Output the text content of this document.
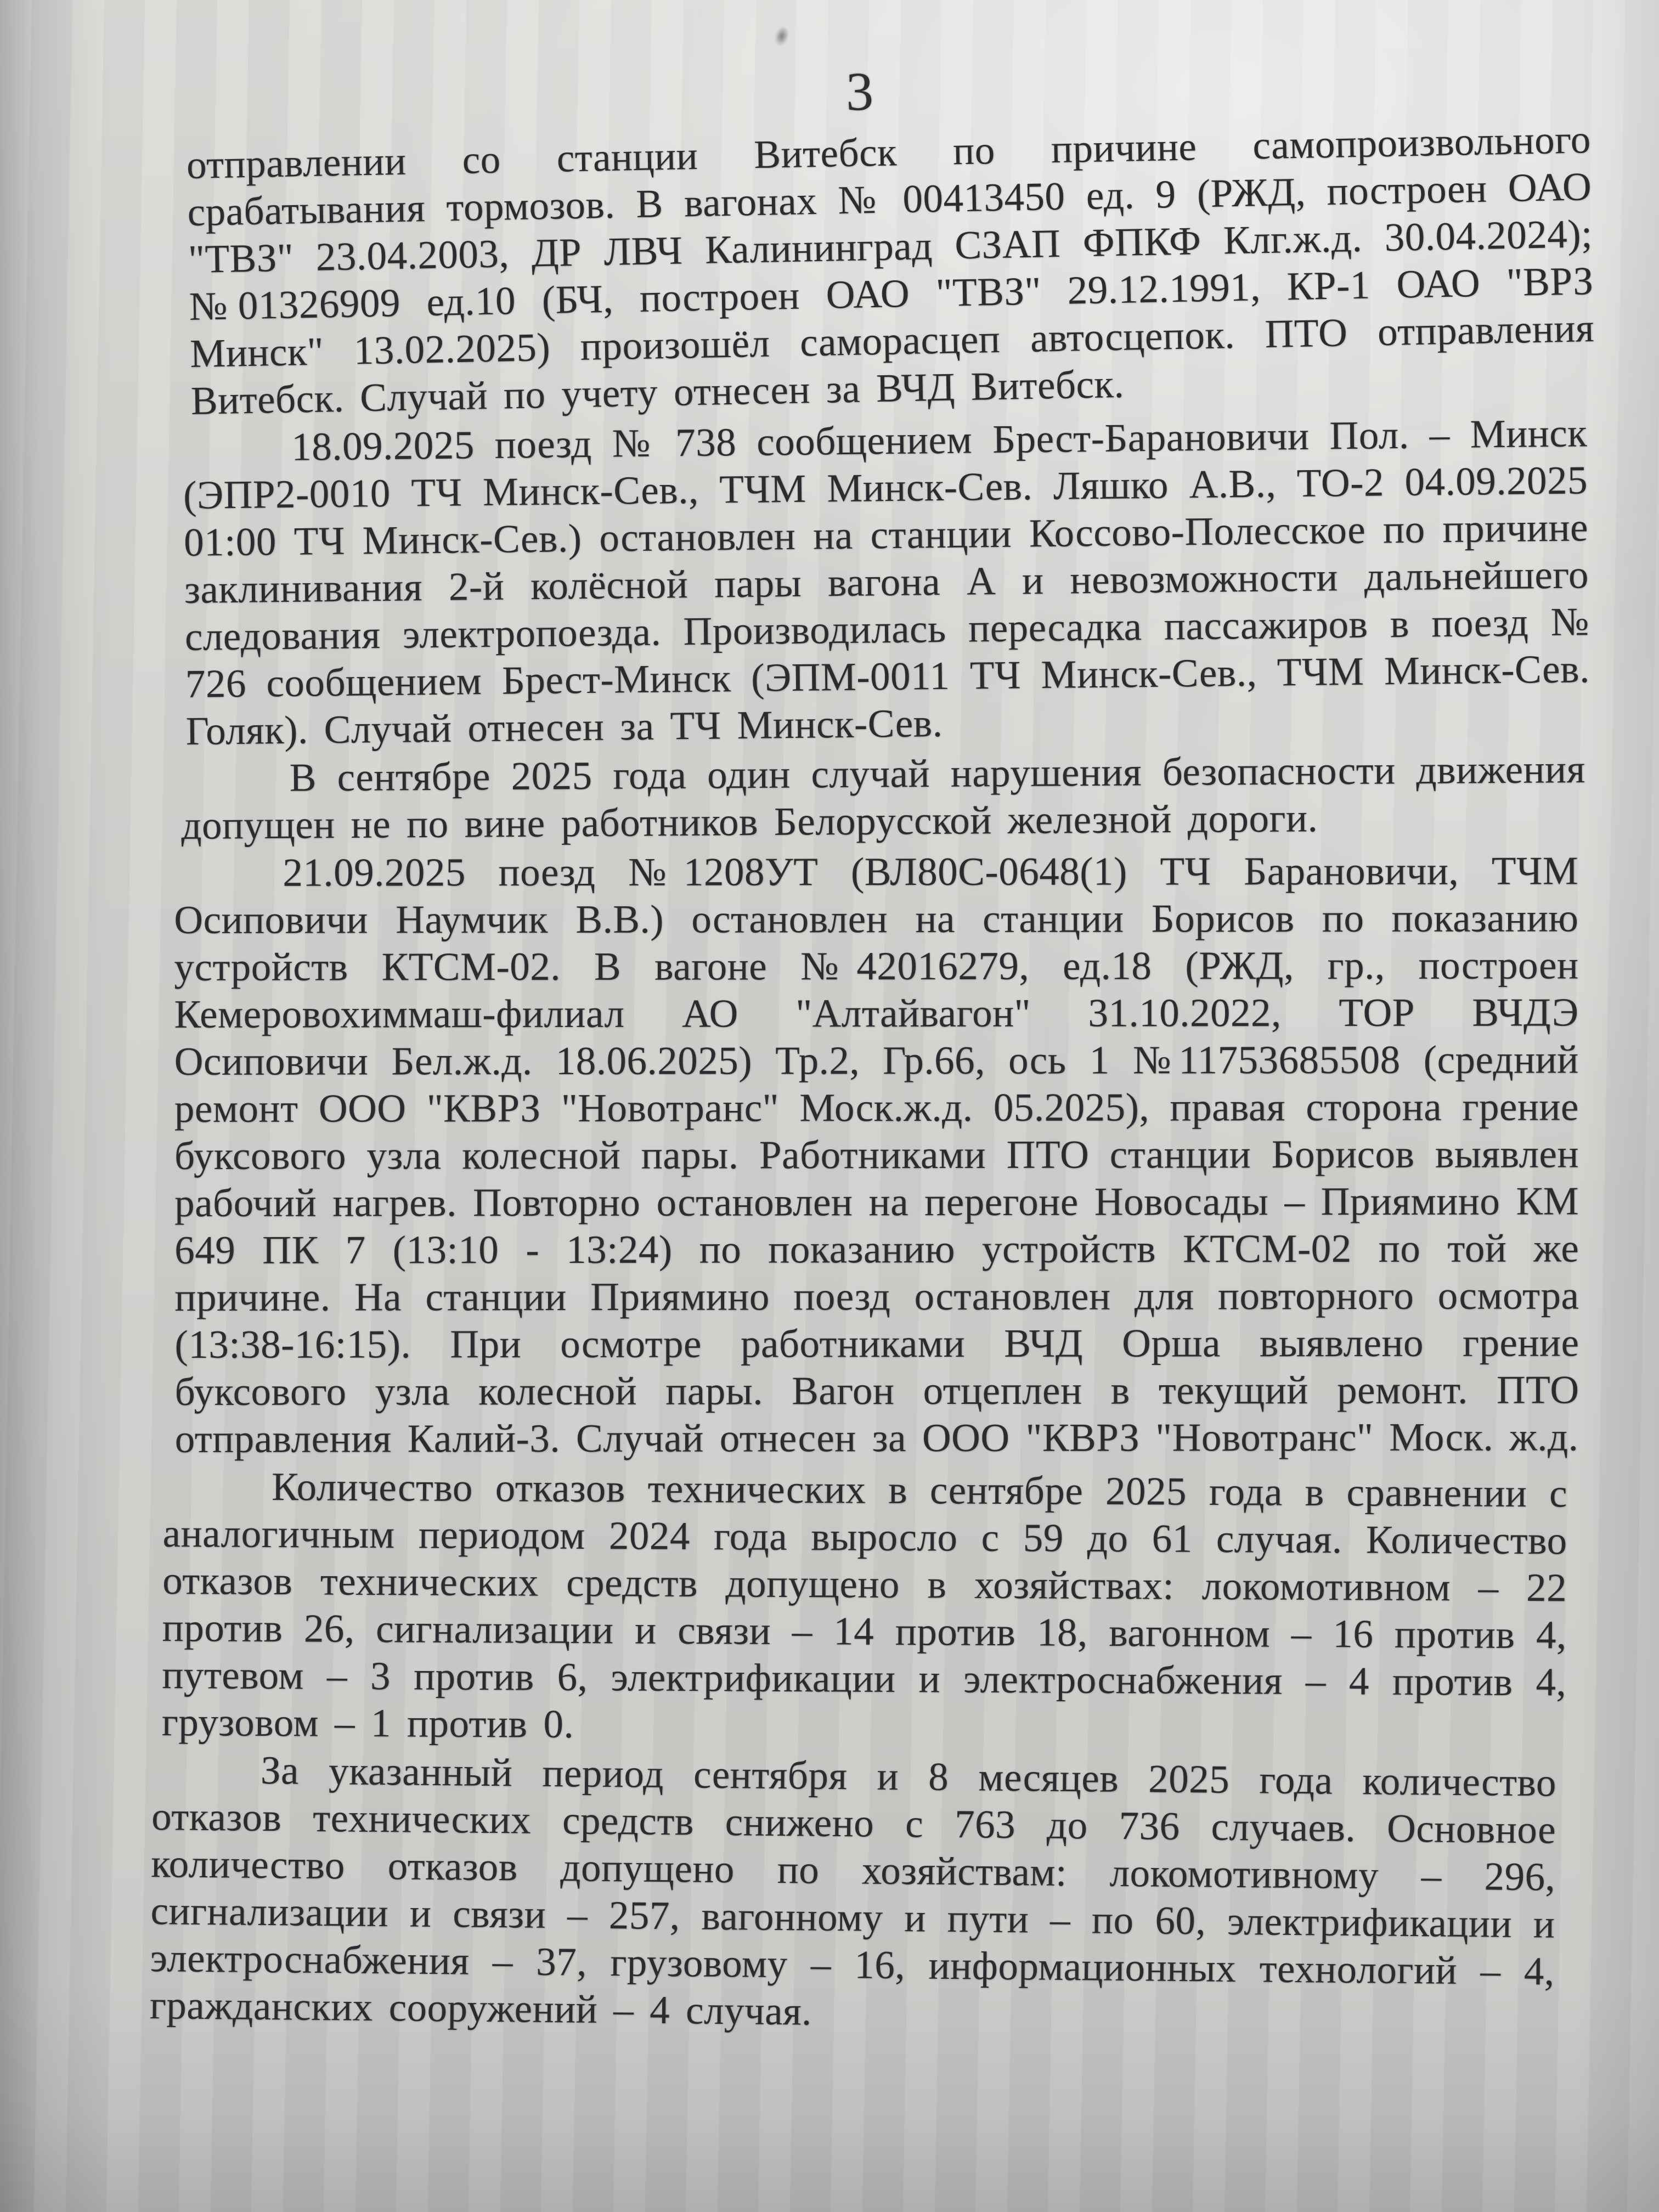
3

отправлении со станции Витебск по причине самопроизвольного срабатывания тормозов. В вагонах № 00413450 ед. 9 (РЖД, построен ОАО "ТВЗ" 23.04.2003, ДР ЛВЧ Калининград СЗАП ФПКФ Клг.ж.д. 30.04.2024); №01326909 ед.10 (БЧ, построен ОАО "ТВЗ" 29.12.1991, КР-1 ОАО "ВРЗ Минск" 13.02.2025) произошёл саморасцеп автосцепок. ПТО отправления Витебск. Случай по учету отнесен за ВЧД Витебск.

18.09.2025 поезд № 738 сообщением Брест-Барановичи Пол. – Минск (ЭПР2-0010 ТЧ Минск-Сев., ТЧМ Минск-Сев. Ляшко А.В., ТО-2 04.09.2025 01:00 ТЧ Минск-Сев.) остановлен на станции Коссово-Полесское по причине заклинивания 2-й колёсной пары вагона А и невозможности дальнейшего следования электропоезда. Производилась пересадка пассажиров в поезд № 726 сообщением Брест-Минск (ЭПМ-0011 ТЧ Минск-Сев., ТЧМ Минск-Сев. Голяк). Случай отнесен за ТЧ Минск-Сев.

В сентябре 2025 года один случай нарушения безопасности движения допущен не по вине работников Белорусской железной дороги.

21.09.2025 поезд №1208УТ (ВЛ80С-0648(1) ТЧ Барановичи, ТЧМ Осиповичи Наумчик В.В.) остановлен на станции Борисов по показанию устройств КТСМ-02. В вагоне №42016279, ед.18 (РЖД, гр., построен Кемеровохиммаш-филиал АО "Алтайвагон" 31.10.2022, ТОР ВЧДЭ Осиповичи Бел.ж.д. 18.06.2025) Тр.2, Гр.66, ось 1 №11753685508 (средний ремонт ООО "КВРЗ "Новотранс" Моск.ж.д. 05.2025), правая сторона грение буксового узла колесной пары. Работниками ПТО станции Борисов выявлен рабочий нагрев. Повторно остановлен на перегоне Новосады – Приямино КМ 649 ПК 7 (13:10 - 13:24) по показанию устройств КТСМ-02 по той же причине. На станции Приямино поезд остановлен для повторного осмотра (13:38-16:15). При осмотре работниками ВЧД Орша выявлено грение буксового узла колесной пары. Вагон отцеплен в текущий ремонт. ПТО отправления Калий-3. Случай отнесен за ООО "КВРЗ "Новотранс" Моск. ж.д.

Количество отказов технических в сентябре 2025 года в сравнении с аналогичным периодом 2024 года выросло с 59 до 61 случая. Количество отказов технических средств допущено в хозяйствах: локомотивном – 22 против 26, сигнализации и связи – 14 против 18, вагонном – 16 против 4, путевом – 3 против 6, электрификации и электроснабжения – 4 против 4, грузовом – 1 против 0.

За указанный период сентября и 8 месяцев 2025 года количество отказов технических средств снижено с 763 до 736 случаев. Основное количество отказов допущено по хозяйствам: локомотивному – 296, сигнализации и связи – 257, вагонному и пути – по 60, электрификации и электроснабжения – 37, грузовому – 16, информационных технологий – 4, гражданских сооружений – 4 случая.
